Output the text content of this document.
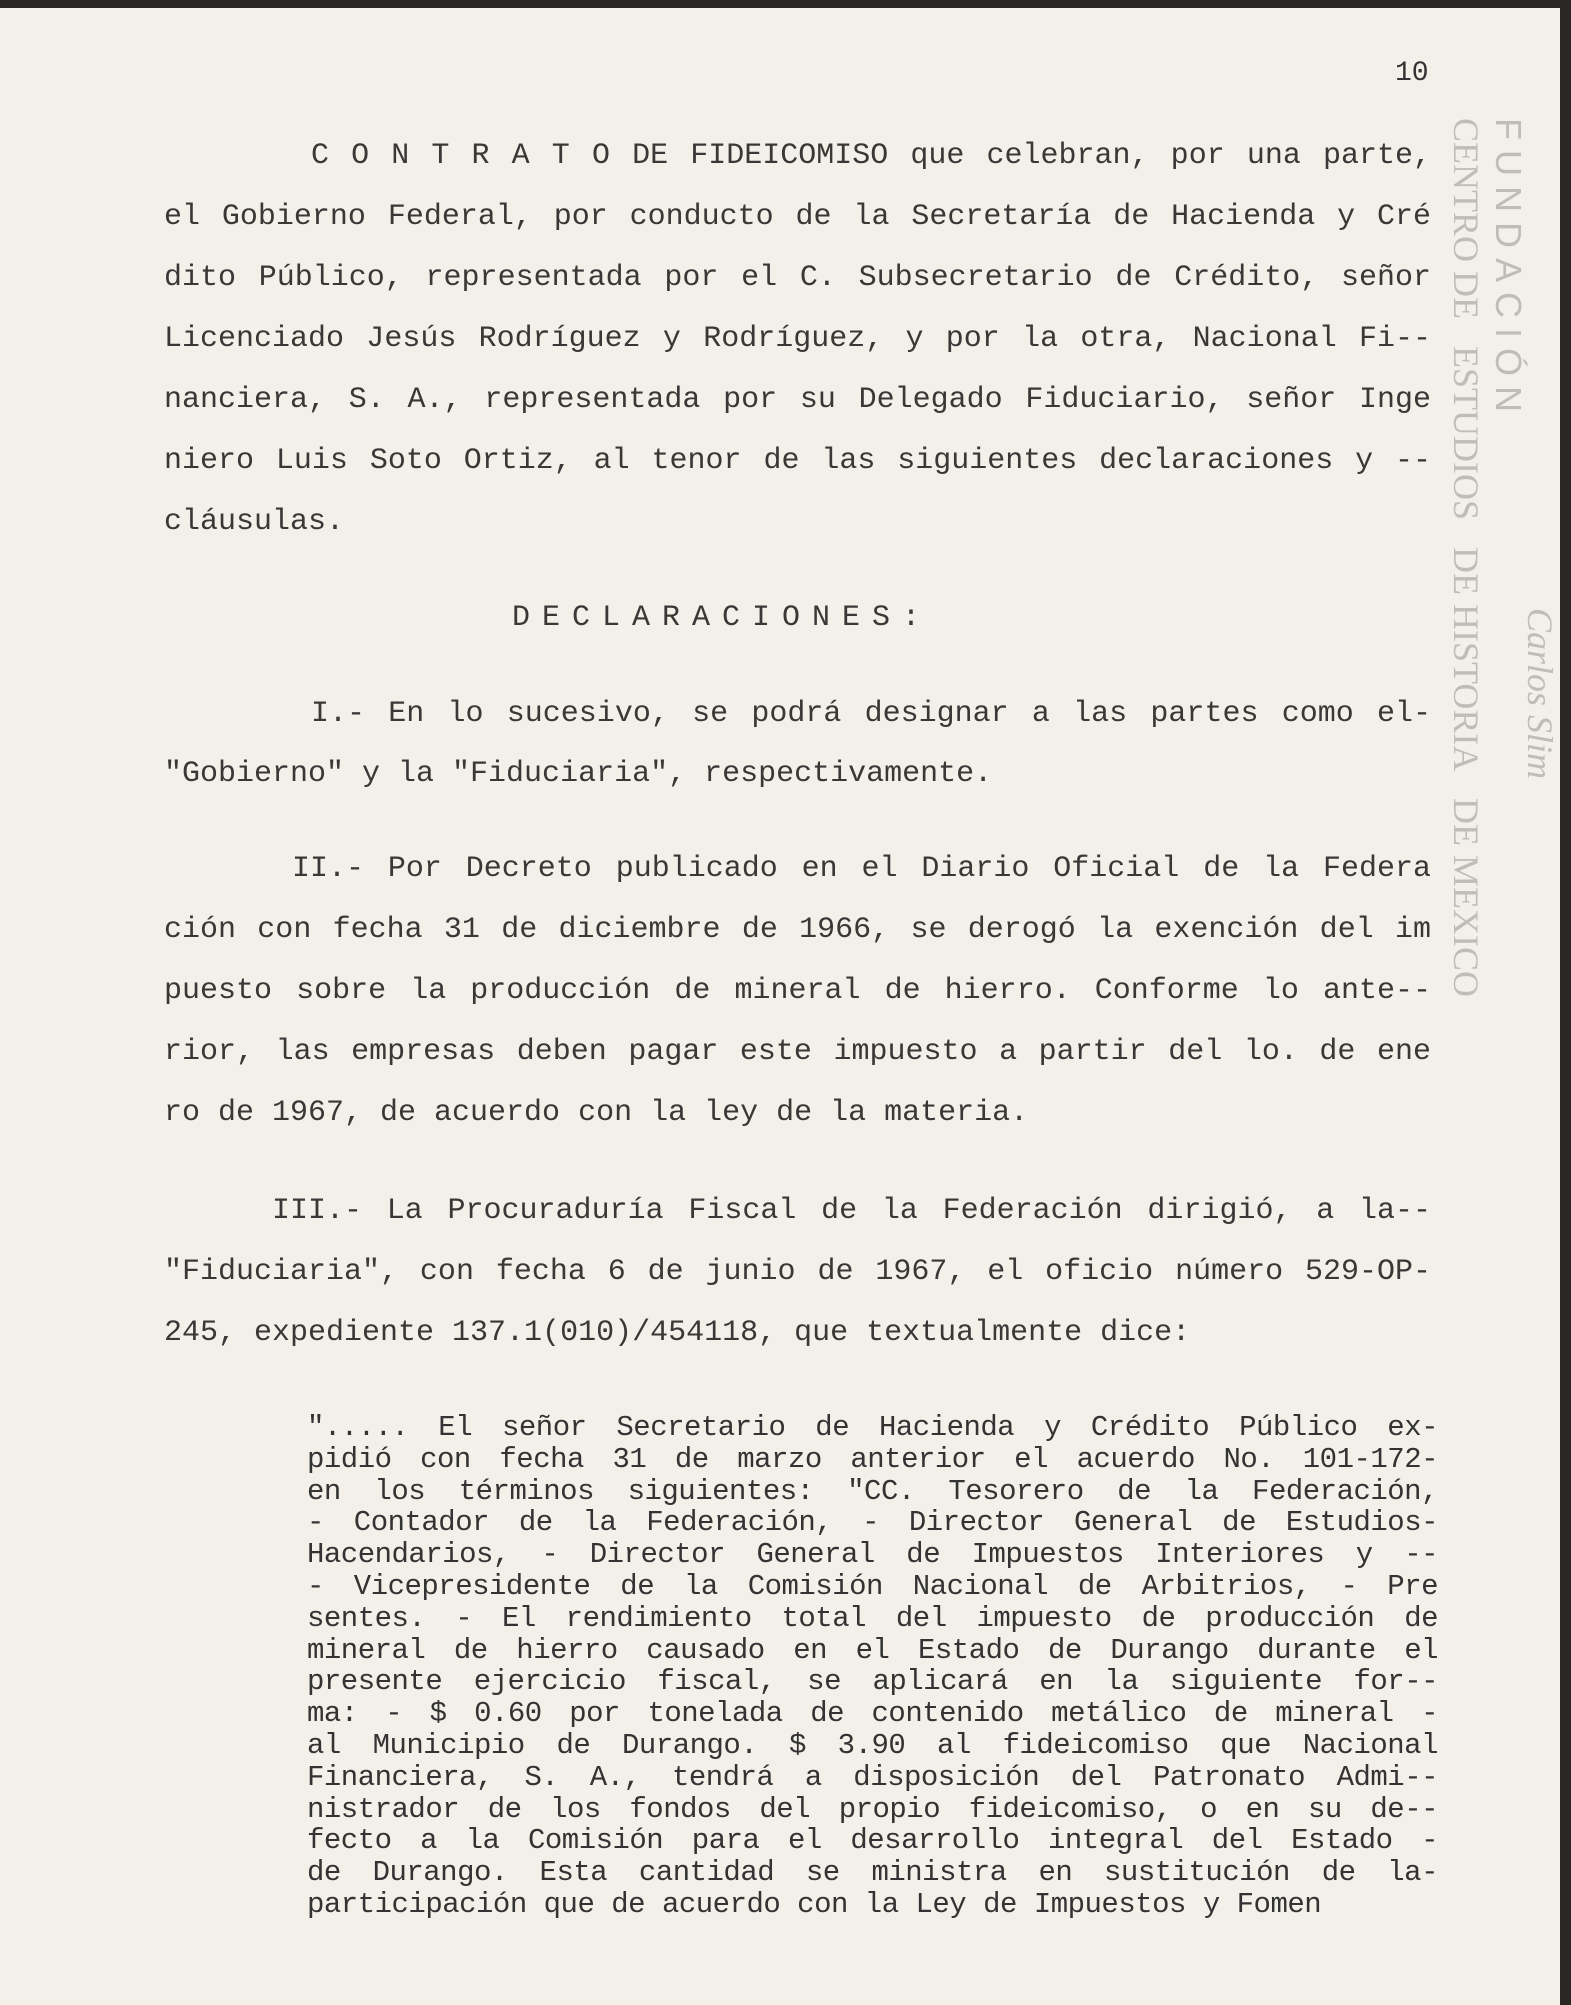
CENTRO DE ESTUDIOS DE HISTORIA DE MEXICO
FUNDACIÓN
Carlos Slim
10
C O N T R A T O DE FIDEICOMISO que celebran, por una parte,
el Gobierno Federal, por conducto de la Secretaría de Hacienda y Cré
dito Público, representada por el C. Subsecretario de Crédito, señor
Licenciado Jesús Rodríguez y Rodríguez, y por la otra, Nacional Fi--
nanciera, S. A., representada por su Delegado Fiduciario, señor Inge
niero Luis Soto Ortiz, al tenor de las siguientes declaraciones y --
cláusulas.
DECLARACIONES:
I.- En lo sucesivo, se podrá designar a las partes como el-
"Gobierno" y la "Fiduciaria", respectivamente.
II.- Por Decreto publicado en el Diario Oficial de la Federa
ción con fecha 31 de diciembre de 1966, se derogó la exención del im
puesto sobre la producción de mineral de hierro. Conforme lo ante--
rior, las empresas deben pagar este impuesto a partir del lo. de ene
ro de 1967, de acuerdo con la ley de la materia.
III.- La Procuraduría Fiscal de la Federación dirigió, a la--
"Fiduciaria", con fecha 6 de junio de 1967, el oficio número 529-OP-
245, expediente 137.1(010)/454118, que textualmente dice:
"..... El señor Secretario de Hacienda y Crédito Público ex-
pidió con fecha 31 de marzo anterior el acuerdo No. 101-172-
en los términos siguientes: "CC. Tesorero de la Federación,
- Contador de la Federación, - Director General de Estudios-
Hacendarios, - Director General de Impuestos Interiores y --
- Vicepresidente de la Comisión Nacional de Arbitrios, - Pre
sentes. - El rendimiento total del impuesto de producción de
mineral de hierro causado en el Estado de Durango durante el
presente ejercicio fiscal, se aplicará en la siguiente for--
ma: - $ 0.60 por tonelada de contenido metálico de mineral -
al Municipio de Durango. $ 3.90 al fideicomiso que Nacional
Financiera, S. A., tendrá a disposición del Patronato Admi--
nistrador de los fondos del propio fideicomiso, o en su de--
fecto a la Comisión para el desarrollo integral del Estado -
de Durango. Esta cantidad se ministra en sustitución de la-
participación que de acuerdo con la Ley de Impuestos y Fomen
